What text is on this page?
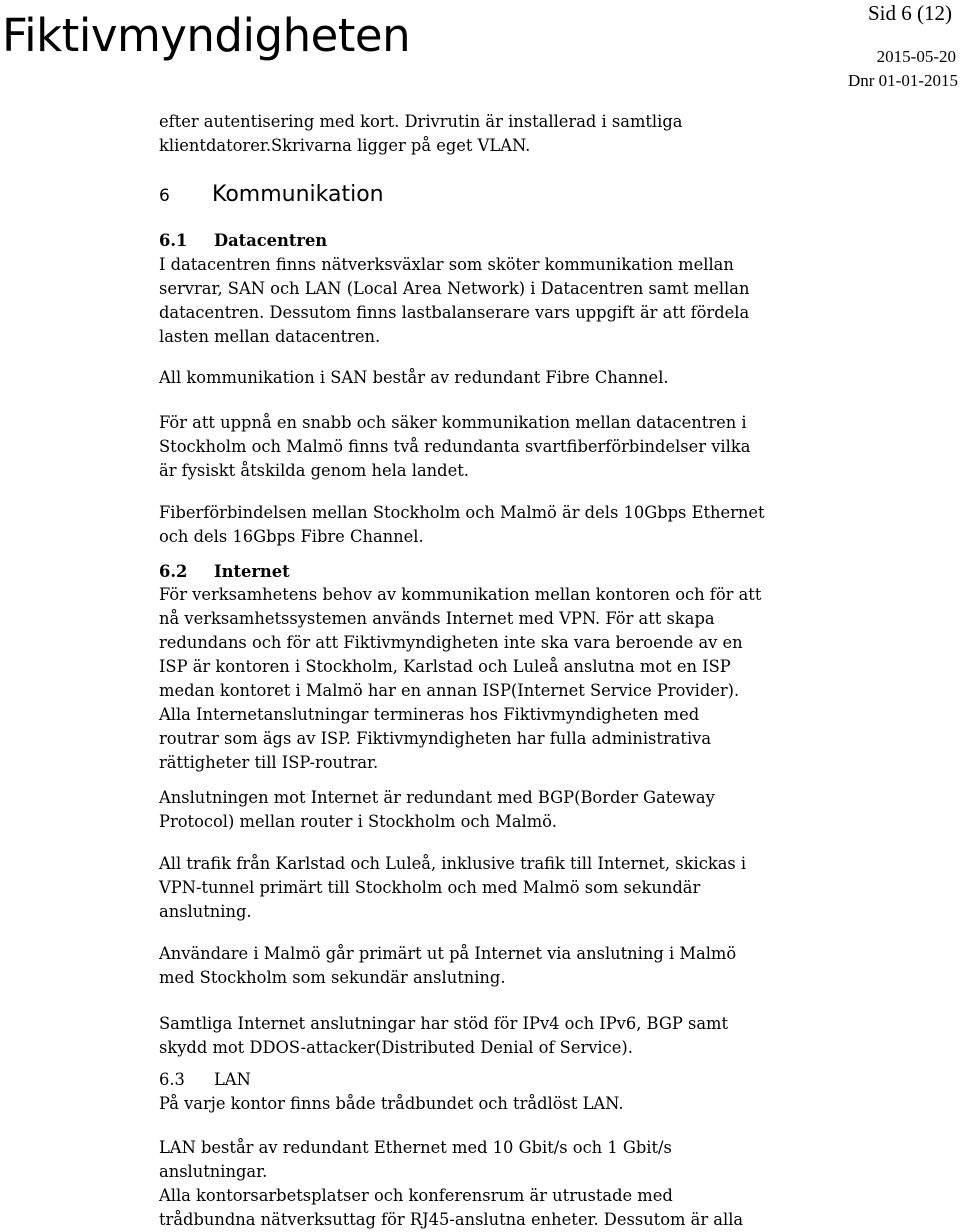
Fiktivmyndigheten	Sid 6 (12)
2015-05-20
Dnr 01-01-2015

efter autentisering med kort. Drivrutin är installerad i samtliga
klientdatorer.Skrivarna ligger på eget VLAN.

6 Kommunikation
6.1 Datacentren

I datacentren finns nätverksväxlar som sköter kommunikation mellan
servrar, SAN och LAN (Local Area Network) i Datacentren samt mellan
datacentren. Dessutom finns lastbalanserare vars uppgift är att fördela
lasten mellan datacentren.

All kommunikation i SAN består av redundant Fibre Channel.

För att uppnå en snabb och säker kommunikation mellan datacentren i
Stockholm och Malmö finns två redundanta svartfiberförbindelser vilka
är fysiskt åtskilda genom hela landet.

Fiberförbindelsen mellan Stockholm och Malmö är dels 10Gbps Ethernet
och dels 16Gbps Fibre Channel.

6.2 Internet

För verksamhetens behov av kommunikation mellan kontoren och för att
nå verksamhetssystemen används Internet med VPN. För att skapa
redundans och för att Fiktivmyndigheten inte ska vara beroende av en
ISP är kontoren i Stockholm, Karlstad och Luleå anslutna mot en ISP
medan kontoret i Malmö har en annan ISP(Internet Service Provider).
Alla Internetanslutningar termineras hos Fiktivmyndigheten med
routrar som ägs av ISP. Fiktivmyndigheten har fulla administrativa
rättigheter till ISP-routrar.

Anslutningen mot Internet är redundant med BGP(Border Gateway
Protocol) mellan router i Stockholm och Malmö.

All trafik från Karlstad och Luleå, inklusive trafik till Internet, skickas i
VPN-tunnel primärt till Stockholm och med Malmö som sekundär
anslutning.

Användare i Malmö går primärt ut på Internet via anslutning i Malmö
med Stockholm som sekundär anslutning.

Samtliga Internet anslutningar har stöd för IPv4 och IPv6, BGP samt
skydd mot DDOS-attacker(Distributed Denial of Service).

6.3 LAN

På varje kontor finns både trådbundet och trådlöst LAN.

LAN består av redundant Ethernet med 10 Gbit/s och 1 Gbit/s
anslutningar.
Alla kontorsarbetsplatser och konferensrum är utrustade med
trådbundna nätverksuttag för RJ45-anslutna enheter. Dessutom är alla
